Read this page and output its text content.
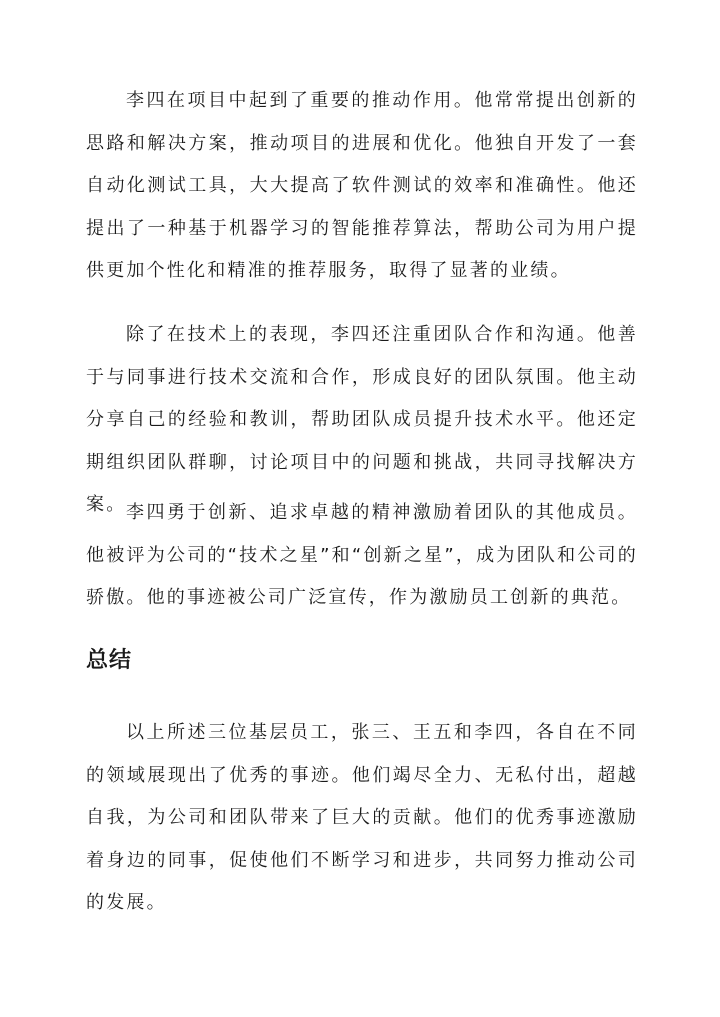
李四在项目中起到了重要的推动作用。他常常提出创新的思路和解决方案，推动项目的进展和优化。他独自开发了一套自动化测试工具，大大提高了软件测试的效率和准确性。他还提出了一种基于机器学习的智能推荐算法，帮助公司为用户提供更加个性化和精准的推荐服务，取得了显著的业绩。

除了在技术上的表现，李四还注重团队合作和沟通。他善于与同事进行技术交流和合作，形成良好的团队氛围。他主动分享自己的经验和教训，帮助团队成员提升技术水平。他还定期组织团队群聊，讨论项目中的问题和挑战，共同寻找解决方案。 李四勇于创新、追求卓越的精神激励着团队的其他成员。他被评为公司的“技术之星”和“创新之星”，成为团队和公司的骄傲。他的事迹被公司广泛宣传，作为激励员工创新的典范。

总结

以上所述三位基层员工，张三、王五和李四，各自在不同的领域展现出了优秀的事迹。他们竭尽全力、无私付出，超越自我，为公司和团队带来了巨大的贡献。他们的优秀事迹激励着身边的同事，促使他们不断学习和进步，共同努力推动公司的发展。
